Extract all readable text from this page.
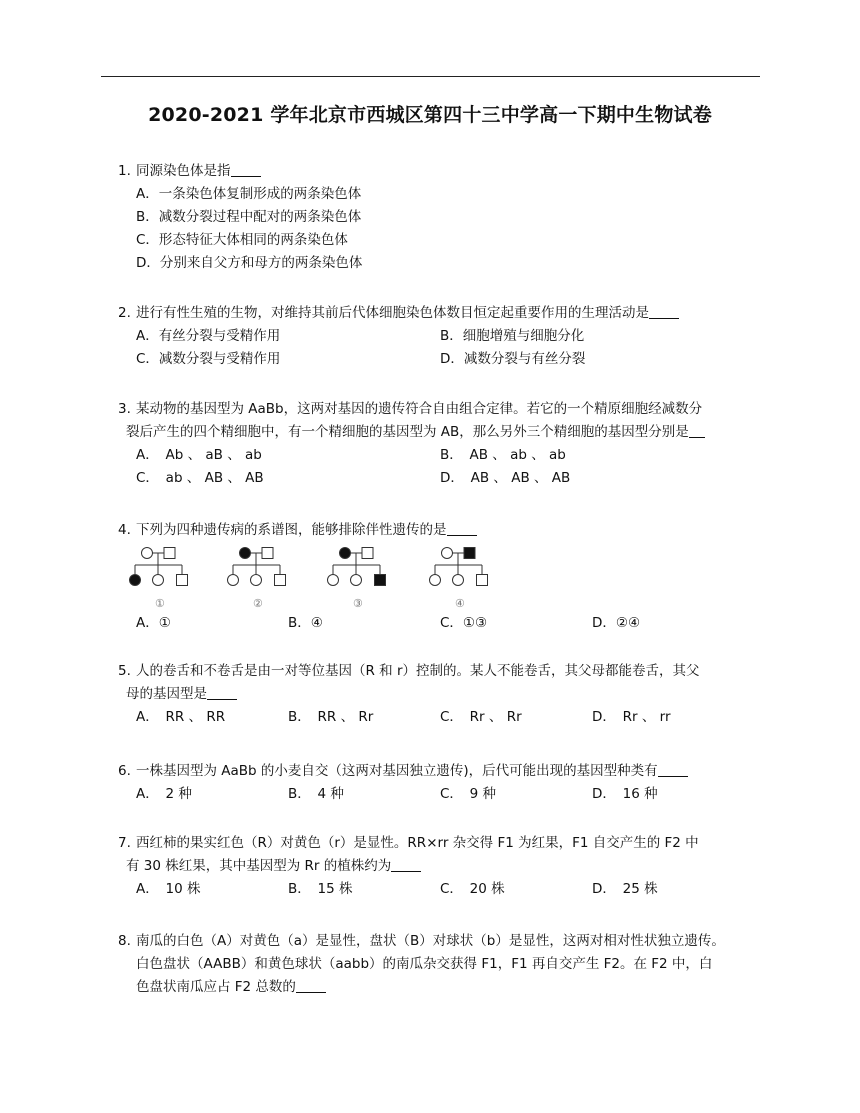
2020-2021 学年北京市西城区第四十三中学高一下期中生物试卷
1. 同源染色体是指
A．一条染色体复制形成的两条染色体
B．减数分裂过程中配对的两条染色体
C．形态特征大体相同的两条染色体
D．分别来自父方和母方的两条染色体
2. 进行有性生殖的生物，对维持其前后代体细胞染色体数目恒定起重要作用的生理活动是
A．有丝分裂与受精作用	B．细胞增殖与细胞分化
C．减数分裂与受精作用	D．减数分裂与有丝分裂
3. 某动物的基因型为 AaBb，这两对基因的遗传符合自由组合定律。若它的一个精原细胞经减数分
裂后产生的四个精细胞中，有一个精细胞的基因型为 AB，那么另外三个精细胞的基因型分别是
A．　Ab 、 aB 、 ab	B．　AB 、 ab 、 ab
C．　ab 、 AB 、 AB	D．　AB 、 AB 、 AB
4. 下列为四种遗传病的系谱图，能够排除伴性遗传的是
①	②	③	④
A．①	B．④	C．①③	D．②④
5. 人的卷舌和不卷舌是由一对等位基因（R 和 r）控制的。某人不能卷舌，其父母都能卷舌，其父
母的基因型是
A．　RR 、 RR	B．　RR 、 Rr	C．　Rr 、 Rr	D．　Rr 、 rr
6. 一株基因型为 AaBb 的小麦自交（这两对基因独立遗传)，后代可能出现的基因型种类有
A．　2 种	B．　4 种	C．　9 种	D．　16 种
7. 西红柿的果实红色（R）对黄色（r）是显性。RR×rr 杂交得 F1 为红果，F1 自交产生的 F2 中
有 30 株红果，其中基因型为 Rr 的植株约为
A．　10 株	B．　15 株	C．　20 株	D．　25 株
8. 南瓜的白色（A）对黄色（a）是显性，盘状（B）对球状（b）是显性，这两对相对性状独立遗传。
白色盘状（AABB）和黄色球状（aabb）的南瓜杂交获得 F1，F1 再自交产生 F2。在 F2 中，白
色盘状南瓜应占 F2 总数的
